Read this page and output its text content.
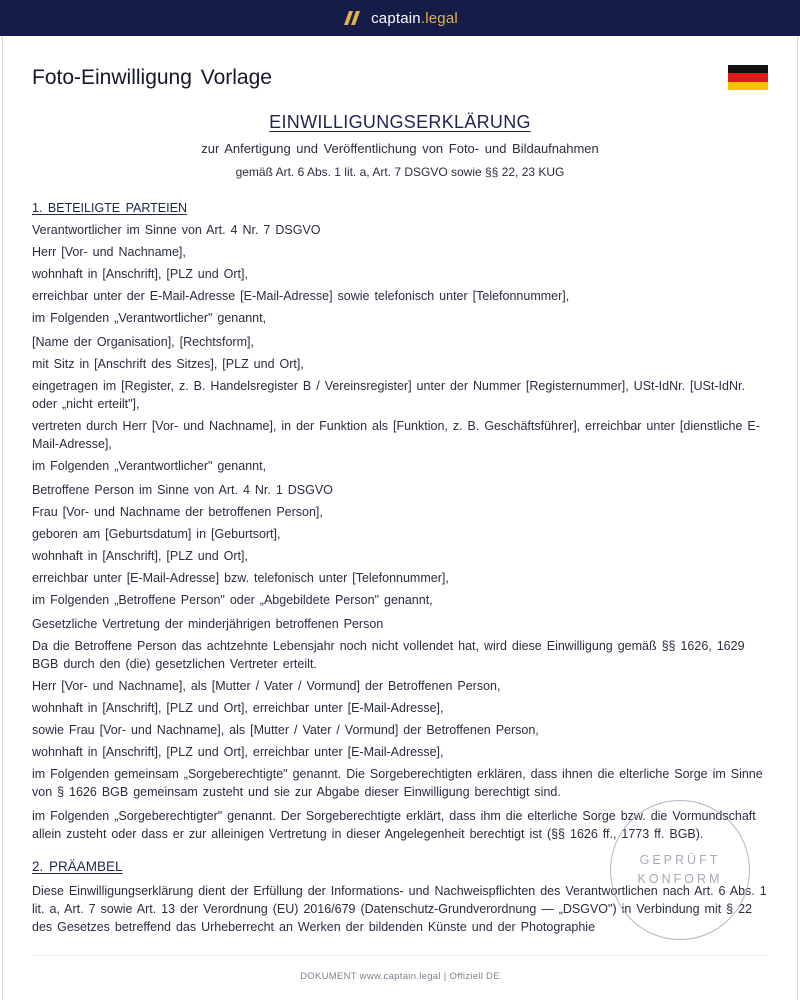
captain.legal
Foto-Einwilligung Vorlage
EINWILLIGUNGSERKLÄRUNG
zur Anfertigung und Veröffentlichung von Foto- und Bildaufnahmen
gemäß Art. 6 Abs. 1 lit. a, Art. 7 DSGVO sowie §§ 22, 23 KUG
1. BETEILIGTE PARTEIEN
Verantwortlicher im Sinne von Art. 4 Nr. 7 DSGVO
Herr [Vor- und Nachname],
wohnhaft in [Anschrift], [PLZ und Ort],
erreichbar unter der E-Mail-Adresse [E-Mail-Adresse] sowie telefonisch unter [Telefonnummer],
im Folgenden „Verantwortlicher" genannt,
[Name der Organisation], [Rechtsform],
mit Sitz in [Anschrift des Sitzes], [PLZ und Ort],
eingetragen im [Register, z. B. Handelsregister B / Vereinsregister] unter der Nummer [Registernummer], USt-IdNr. [USt-IdNr. oder „nicht erteilt"],
vertreten durch Herr [Vor- und Nachname], in der Funktion als [Funktion, z. B. Geschäftsführer], erreichbar unter [dienstliche E-Mail-Adresse],
im Folgenden „Verantwortlicher" genannt,
Betroffene Person im Sinne von Art. 4 Nr. 1 DSGVO
Frau [Vor- und Nachname der betroffenen Person],
geboren am [Geburtsdatum] in [Geburtsort],
wohnhaft in [Anschrift], [PLZ und Ort],
erreichbar unter [E-Mail-Adresse] bzw. telefonisch unter [Telefonnummer],
im Folgenden „Betroffene Person" oder „Abgebildete Person" genannt,
Gesetzliche Vertretung der minderjährigen betroffenen Person
Da die Betroffene Person das achtzehnte Lebensjahr noch nicht vollendet hat, wird diese Einwilligung gemäß §§ 1626, 1629 BGB durch den (die) gesetzlichen Vertreter erteilt.
Herr [Vor- und Nachname], als [Mutter / Vater / Vormund] der Betroffenen Person,
wohnhaft in [Anschrift], [PLZ und Ort], erreichbar unter [E-Mail-Adresse],
sowie Frau [Vor- und Nachname], als [Mutter / Vater / Vormund] der Betroffenen Person,
wohnhaft in [Anschrift], [PLZ und Ort], erreichbar unter [E-Mail-Adresse],
im Folgenden gemeinsam „Sorgeberechtigte" genannt. Die Sorgeberechtigten erklären, dass ihnen die elterliche Sorge im Sinne von § 1626 BGB gemeinsam zusteht und sie zur Abgabe dieser Einwilligung berechtigt sind.
im Folgenden „Sorgeberechtigter" genannt. Der Sorgeberechtigte erklärt, dass ihm die elterliche Sorge bzw. die Vormundschaft allein zusteht oder dass er zur alleinigen Vertretung in dieser Angelegenheit berechtigt ist (§§ 1626 ff., 1773 ff. BGB).
2. PRÄAMBEL
Diese Einwilligungserklärung dient der Erfüllung der Informations- und Nachweispflichten des Verantwortlichen nach Art. 6 Abs. 1 lit. a, Art. 7 sowie Art. 13 der Verordnung (EU) 2016/679 (Datenschutz-Grundverordnung — „DSGVO") in Verbindung mit § 22 des Gesetzes betreffend das Urheberrecht an Werken der bildenden Künste und der Photographie
GEPRÜFT
KONFORM
DOKUMENT www.captain.legal | Offiziell DE
